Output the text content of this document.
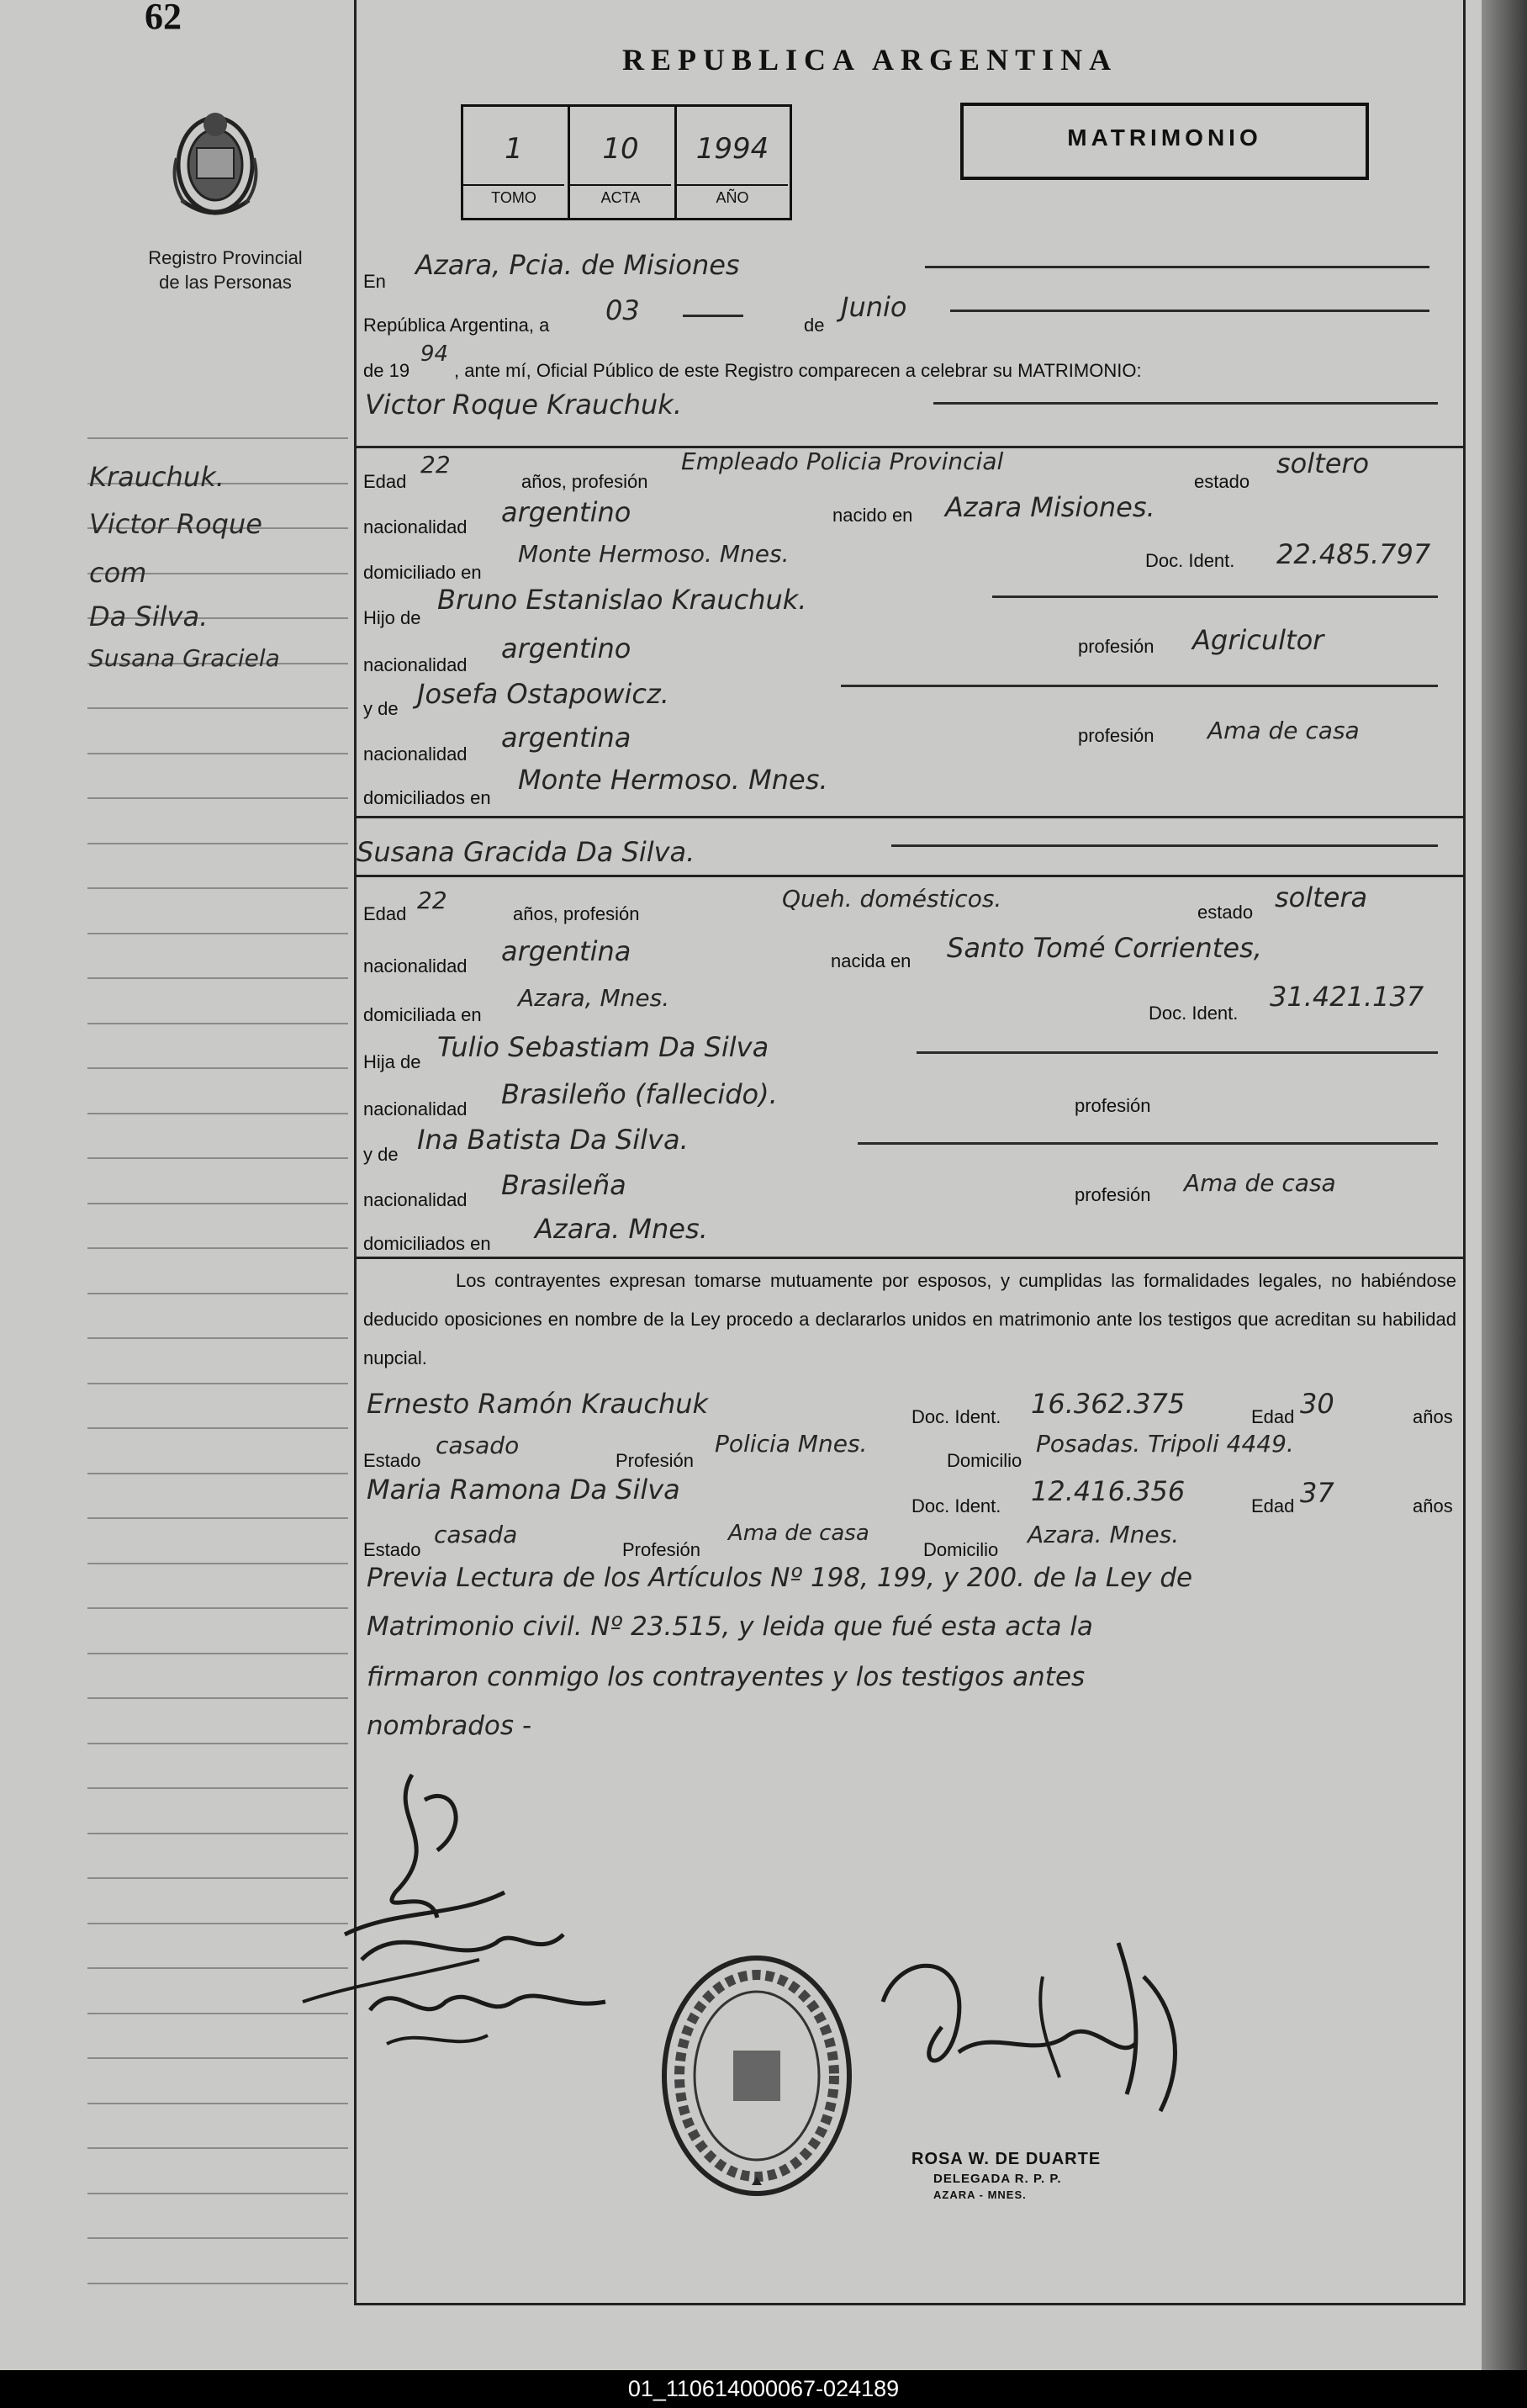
62
Registro Provincial
de las Personas
Krauchuk.
Victor Roque
com
Da Silva.
Susana Graciela
REPUBLICA ARGENTINA
1
TOMO
10
ACTA
1994
AÑO
MATRIMONIO
En
Azara, Pcia. de Misiones
República Argentina, a 03	de
Junio
de 19
94
, ante mí, Oficial Público de este Registro comparecen a celebrar su MATRIMONIO:
Victor Roque Krauchuk.
Edad
22
años, profesión
Empleado Policia Provincial
estado
soltero
nacionalidad argentino	nacido en Azara Misiones.
domiciliado en
Monte Hermoso. Mnes.	Doc. Ident. 22.485.797
Hijo de
Bruno Estanislao Krauchuk.
nacionalidad
argentino	profesión Agricultor
y de Josefa Ostapowicz.
nacionalidad
argentina	profesión Ama de casa
domiciliados en
Monte Hermoso. Mnes.
Susana Gracida Da Silva.
Edad 22	años, profesión
Queh. domésticos.	estado soltera
nacionalidad argentina	nacida en Santo Tomé Corrientes,
domiciliada en
Azara, Mnes.
Doc. Ident.
31.421.137
Hija de Tulio Sebastiam Da Silva
nacionalidad Brasileño (fallecido).	profesión
y de Ina Batista Da Silva.
nacionalidad Brasileña	profesión Ama de casa
domiciliados en Azara. Mnes.
Los contrayentes expresan tomarse mutuamente por esposos, y cumplidas las formalidades legales, no habiéndose deducido oposiciones en nombre de la Ley procedo a declararlos unidos en matrimonio ante los testigos que acreditan su habilidad nupcial.
Ernesto Ramón Krauchuk	Doc. Ident. 16.362.375	Edad 30	años
Estado
casado
Profesión
Policia Mnes.
Domicilio
Posadas. Tripoli 4449.
Maria Ramona Da Silva
Doc. Ident. 12.416.356	Edad 37	años
Estado
casada
Profesión
Ama de casa
Domicilio
Azara. Mnes.
Previa Lectura de los Artículos Nº 198, 199, y 200. de la Ley de
Matrimonio civil. Nº 23.515, y leida que fué esta acta la
firmaron conmigo los contrayentes y los testigos antes
nombrados -
ROSA W. DE DUARTE
DELEGADA R. P. P.
AZARA - MNES.
01_110614000067-024189
